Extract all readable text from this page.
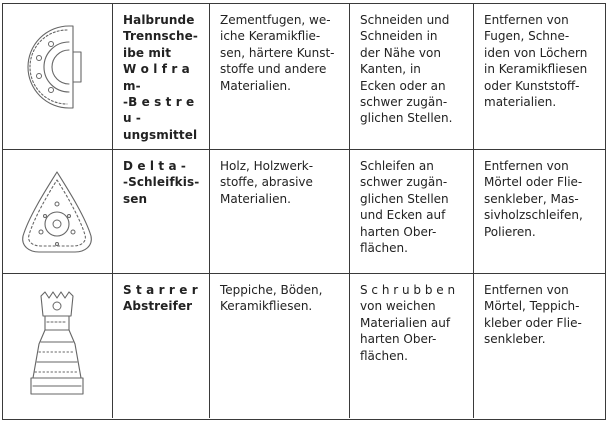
Halbrunde
Trennsche-
ibe mit
W o l f r a m-
-B e s t r e u -
ungsmittel
Zementfugen, we-
iche Keramikflie-
sen, härtere Kunst-
stoffe und andere
Materialien.
Schneiden und
Schneiden in
der Nähe von
Kanten, in
Ecken oder an
schwer zugän-
glichen Stellen.
Entfernen von
Fugen, Schne-
iden von Löchern
in Keramikfliesen
oder Kunststoff-
materialien.
D e l t a -
-Schleifkis-
sen
Holz, Holzwerk-
stoffe, abrasive
Materialien.
Schleifen an
schwer zugän-
glichen Stellen
und Ecken auf
harten Ober-
flächen.
Entfernen von
Mörtel oder Flie-
senkleber, Mas-
sivholzschleifen,
Polieren.
S t a r r e r
Abstreifer
Teppiche, Böden,
Keramikfliesen.
S c h r u b b e n
von weichen
Materialien auf
harten Ober-
flächen.
Entfernen von
Mörtel, Teppich-
kleber oder Flie-
senkleber.
